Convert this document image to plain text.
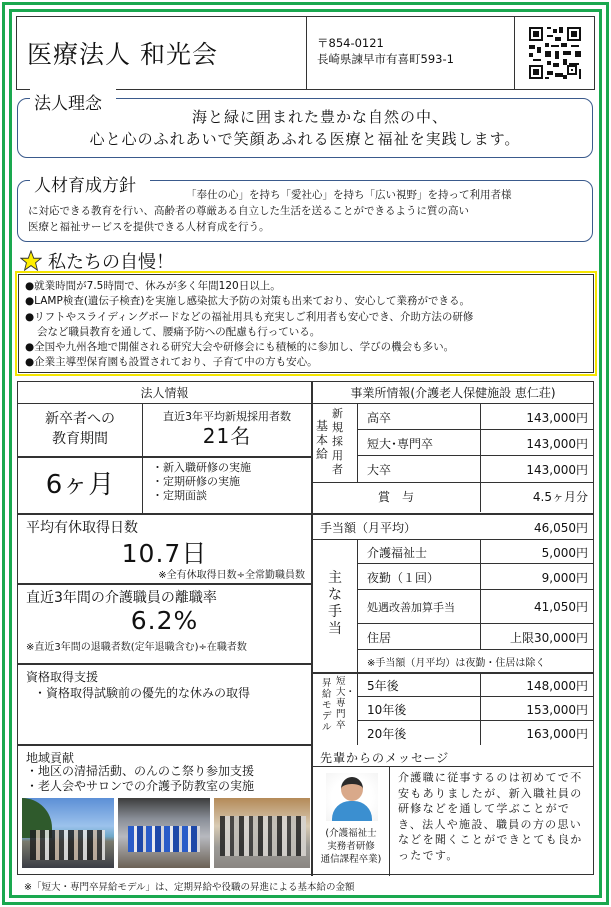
医療法人 和光会	〒854-0121
長崎県諫早市有喜町593-1
法人理念
海と緑に囲まれた豊かな自然の中、
心と心のふれあいで笑顔あふれる医療と福祉を実践します。
人材育成方針	「奉仕の心」を持ち「愛社心」を持ち「広い視野」を持って利用者様
に対応できる教育を行い、高齢者の尊厳ある自立した生活を送ることができるように質の高い
医療と福祉サービスを提供できる人材育成を行う。
私たちの自慢！
●就業時間が7.5時間で、休みが多く年間120日以上。
●LAMP検査(遺伝子検査)を実施し感染拡大予防の対策も出来ており、安心して業務ができる。
●リフトやスライディングボードなどの福祉用具も充実しご利用者も安心でき、介助方法の研修
会など職員教育を通して、腰痛予防への配慮も行っている。
●全国や九州各地で開催される研究大会や研修会にも積極的に参加し、学びの機会も多い。
●企業主導型保育園も設置されており、子育て中の方も安心。
法人情報
新卒者への
教育期間
直近3年平均新規採用者数
21名
6ヶ月
・新入職研修の実施
・定期研修の実施
・定期面談
平均有休取得日数
10.7日
※全有休取得日数÷全常勤職員数
直近3年間の介護職員の離職率
6.2%
※直近3年間の退職者数(定年退職含む)÷在職者数
資格取得支援
・資格取得試験前の優先的な休みの取得
地域貢献
・地区の清掃活動、のんのこ祭り参加支援
・老人会やサロンでの介護予防教室の実施
事業所情報(介護老人保健施設 恵仁荘)
基本給
新規採用者
高卒	143,000円
短大･専門卒	143,000円
大卒	143,000円
賞　与	4.5ヶ月分
手当額（月平均）	46,050円
主な手当
介護福祉士	5,000円
夜勤（１回）	9,000円
処遇改善加算手当	41,050円
住居	上限30,000円
※手当額（月平均）は夜勤・住居は除く
短大・専門卒
昇給モデル
5年後	148,000円
10年後	153,000円
20年後	163,000円
先輩からのメッセージ
(介護福祉士
実務者研修
通信課程卒業)
介護職に従事するのは初めてで不安もありましたが、新入職社員の研修などを通して学ぶことができ、法人や施設、職員の方の思いなどを聞くことができとても良かったです。
※「短大・専門卒昇給モデル」は、定期昇給や役職の昇進による基本給の金額
